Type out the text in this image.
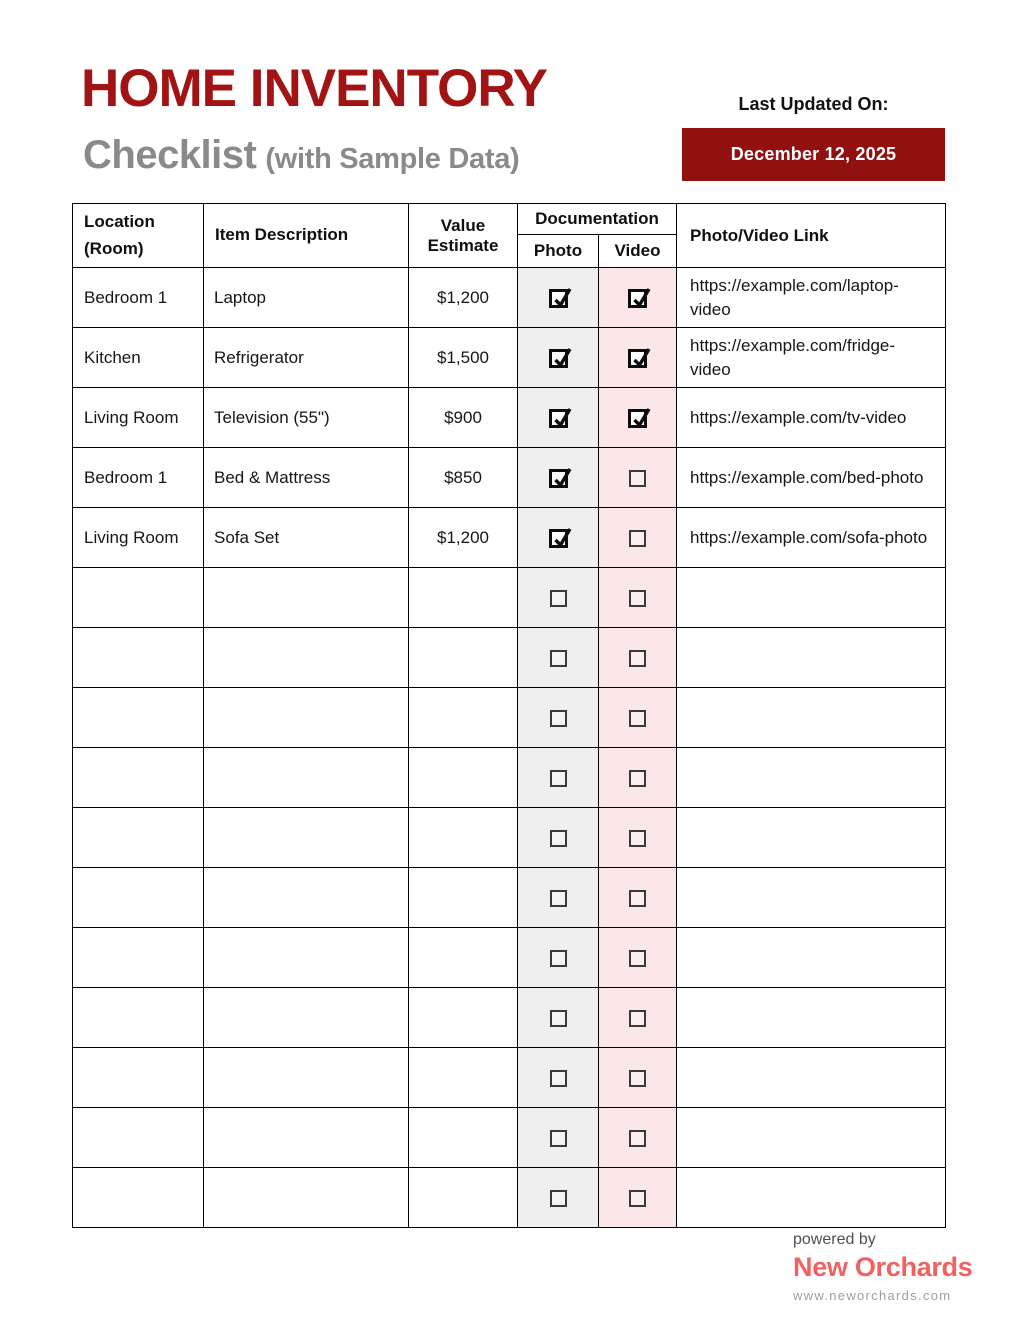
HOME INVENTORY
Checklist (with Sample Data)
Last Updated On:
December 12, 2025
Location (Room)	Item Description	Value Estimate	Documentation		Photo/Video Link
			Photo	Video	
Bedroom 1	Laptop	$1,200			https://example.com/laptop-video
Kitchen	Refrigerator	$1,500			https://example.com/fridge-video
Living Room	Television (55")	$900			https://example.com/tv-video
Bedroom 1	Bed & Mattress	$850			https://example.com/bed-photo
Living Room	Sofa Set	$1,200			https://example.com/sofa-photo

powered by
New Orchards
www.neworchards.com
